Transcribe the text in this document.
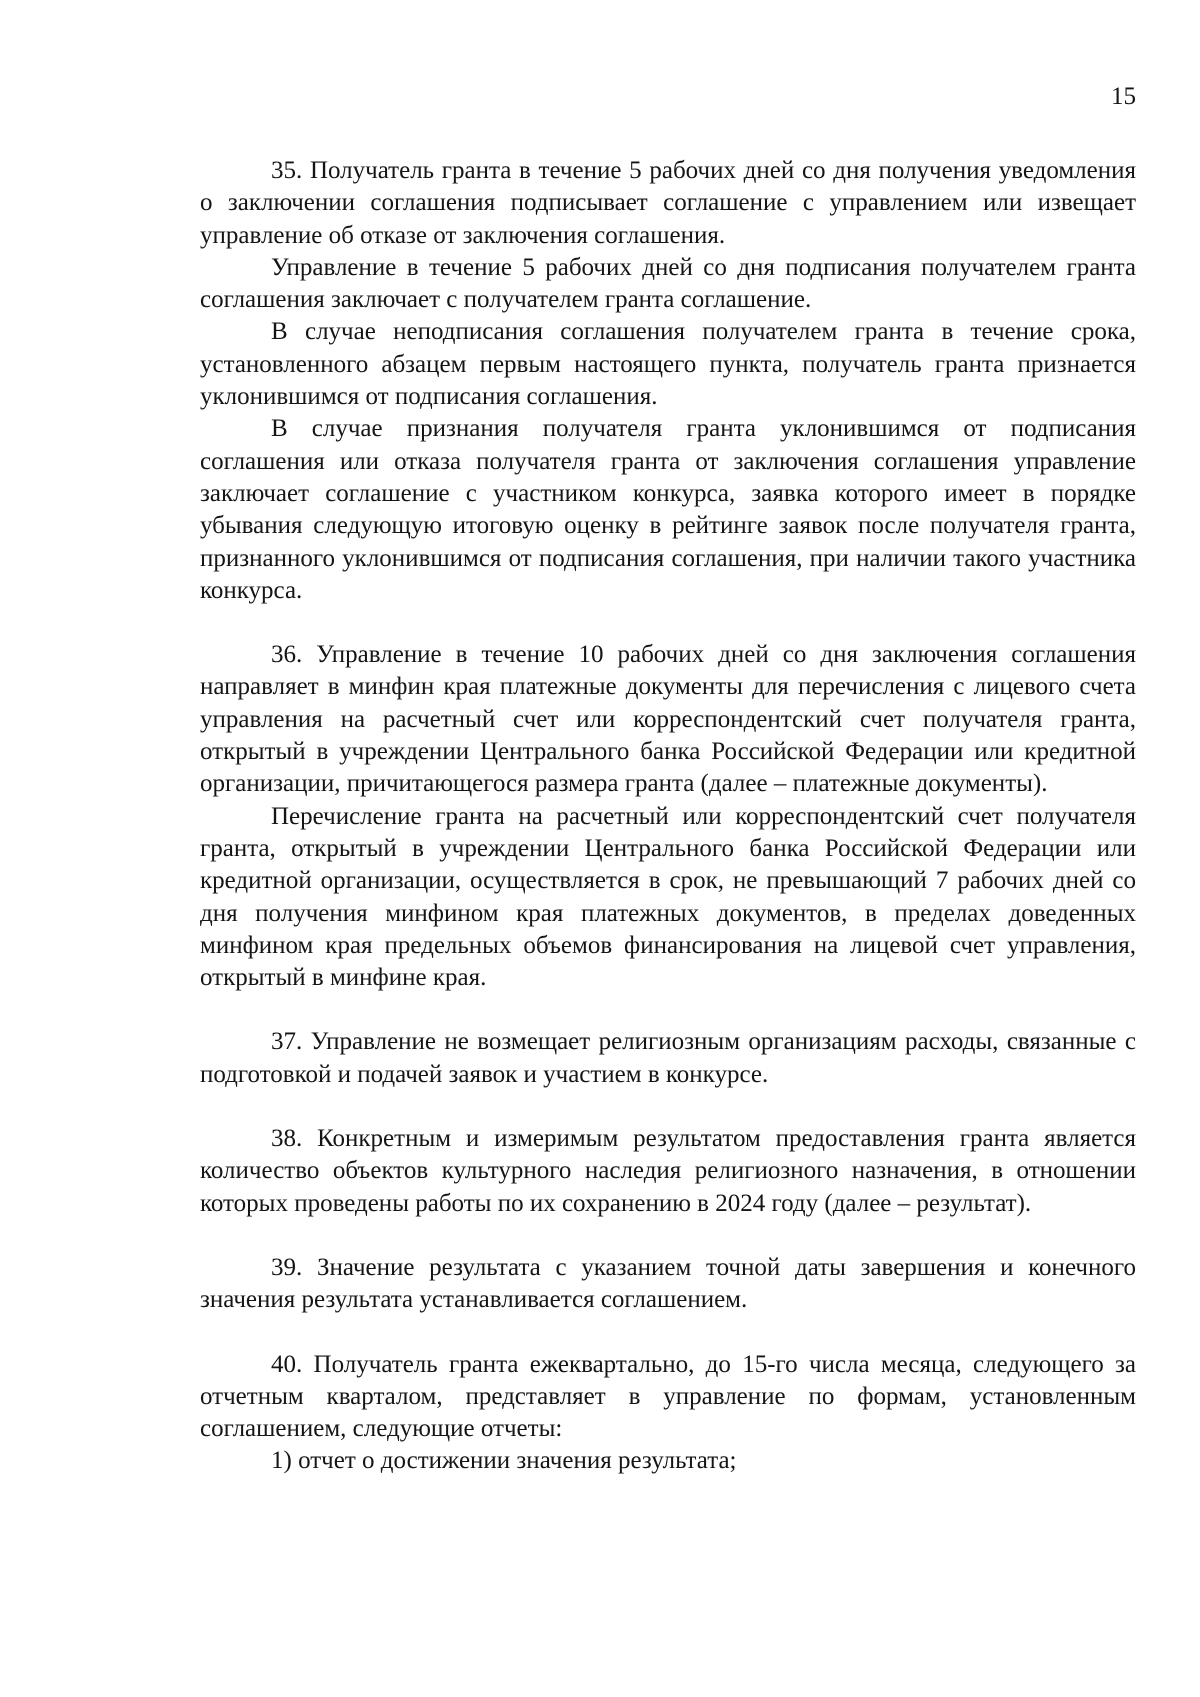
15

35. Получатель гранта в течение 5 рабочих дней со дня получения уведомления о заключении соглашения подписывает соглашение с управлением или извещает управление об отказе от заключения соглашения.

Управление в течение 5 рабочих дней со дня подписания получателем гранта соглашения заключает с получателем гранта соглашение.

В случае неподписания соглашения получателем гранта в течение срока, установленного абзацем первым настоящего пункта, получатель гранта признается уклонившимся от подписания соглашения.

В случае признания получателя гранта уклонившимся от подписания соглашения или отказа получателя гранта от заключения соглашения управление заключает соглашение с участником конкурса, заявка которого имеет в порядке убывания следующую итоговую оценку в рейтинге заявок после получателя гранта, признанного уклонившимся от подписания соглашения, при наличии такого участника конкурса.

36. Управление в течение 10 рабочих дней со дня заключения соглашения направляет в минфин края платежные документы для перечисления с лицевого счета управления на расчетный счет или корреспондентский счет получателя гранта, открытый в учреждении Центрального банка Российской Федерации или кредитной организации, причитающегося размера гранта (далее – платежные документы).

Перечисление гранта на расчетный или корреспондентский счет получателя гранта, открытый в учреждении Центрального банка Российской Федерации или кредитной организации, осуществляется в срок, не превышающий 7 рабочих дней со дня получения минфином края платежных документов, в пределах доведенных минфином края предельных объемов финансирования на лицевой счет управления, открытый в минфине края.

37. Управление не возмещает религиозным организациям расходы, связанные с подготовкой и подачей заявок и участием в конкурсе.

38. Конкретным и измеримым результатом предоставления гранта является количество объектов культурного наследия религиозного назначения, в отношении которых проведены работы по их сохранению в 2024 году (далее – результат).

39. Значение результата с указанием точной даты завершения и конечного значения результата устанавливается соглашением.

40. Получатель гранта ежеквартально, до 15-го числа месяца, следующего за отчетным кварталом, представляет в управление по формам, установленным соглашением, следующие отчеты:

1) отчет о достижении значения результата;
